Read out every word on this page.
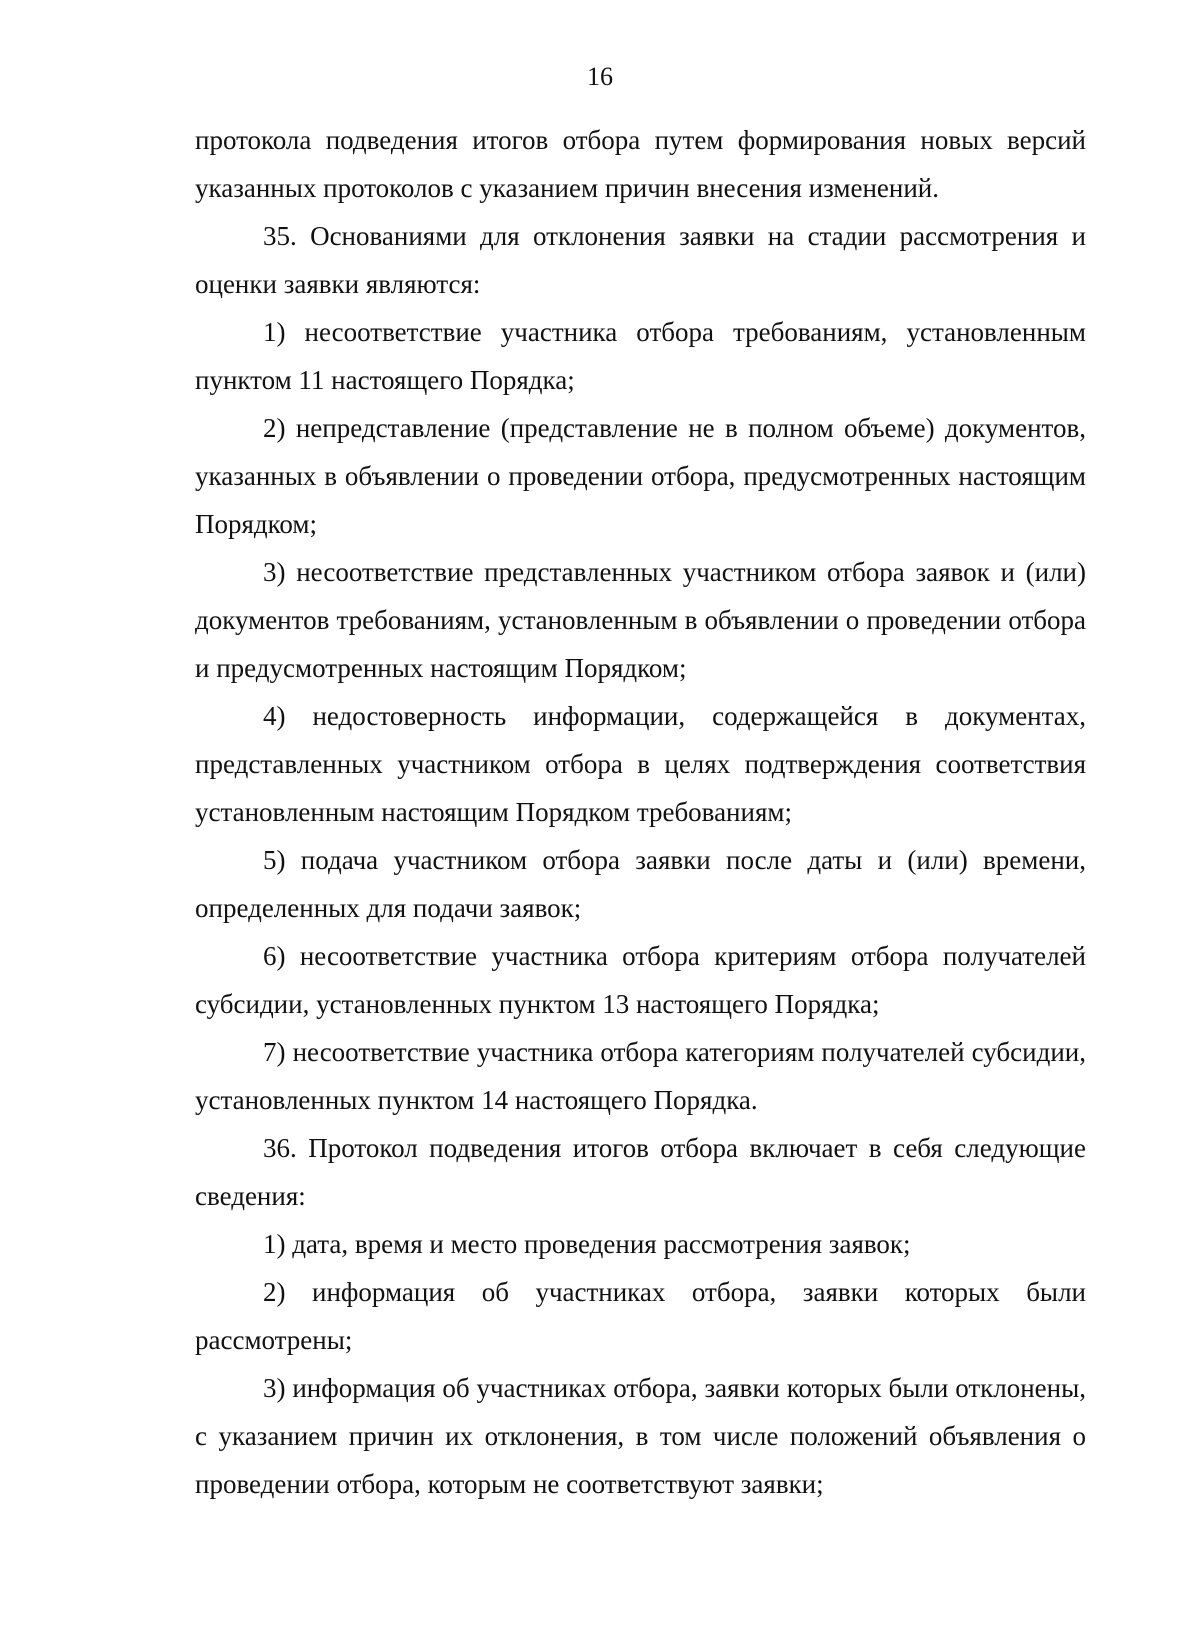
16

протокола подведения итогов отбора путем формирования новых версий указанных протоколов с указанием причин внесения изменений.

35. Основаниями для отклонения заявки на стадии рассмотрения и оценки заявки являются:

1) несоответствие участника отбора требованиям, установленным пунктом 11 настоящего Порядка;

2) непредставление (представление не в полном объеме) документов, указанных в объявлении о проведении отбора, предусмотренных настоящим Порядком;

3) несоответствие представленных участником отбора заявок и (или) документов требованиям, установленным в объявлении о проведении отбора и предусмотренных настоящим Порядком;

4) недостоверность информации, содержащейся в документах, представленных участником отбора в целях подтверждения соответствия установленным настоящим Порядком требованиям;

5) подача участником отбора заявки после даты и (или) времени, определенных для подачи заявок;

6) несоответствие участника отбора критериям отбора получателей субсидии, установленных пунктом 13 настоящего Порядка;

7) несоответствие участника отбора категориям получателей субсидии, установленных пунктом 14 настоящего Порядка.

36. Протокол подведения итогов отбора включает в себя следующие сведения:

1) дата, время и место проведения рассмотрения заявок;

2) информация об участниках отбора, заявки которых были рассмотрены;

3) информация об участниках отбора, заявки которых были отклонены, с указанием причин их отклонения, в том числе положений объявления о проведении отбора, которым не соответствуют заявки;
